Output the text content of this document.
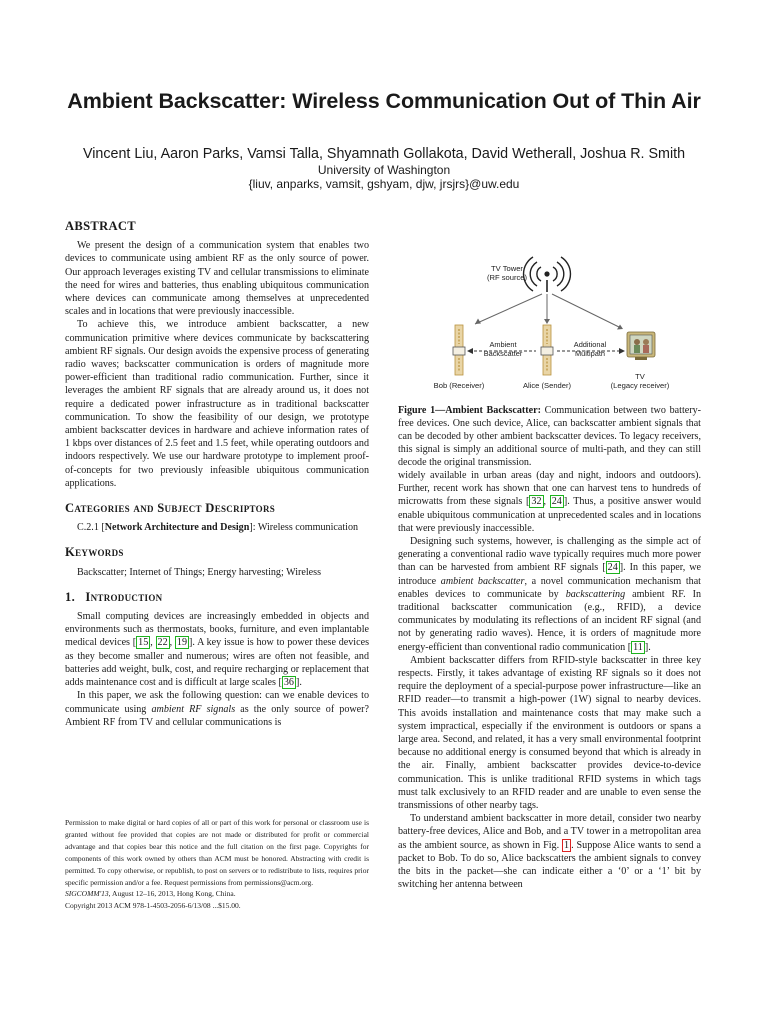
Ambient Backscatter: Wireless Communication Out of Thin Air
Vincent Liu, Aaron Parks, Vamsi Talla, Shyamnath Gollakota, David Wetherall, Joshua R. Smith
University of Washington
{liuv, anparks, vamsit, gshyam, djw, jrsjrs}@uw.edu
ABSTRACT

We present the design of a communication system that enables two devices to communicate using ambient RF as the only source of power. Our approach leverages existing TV and cellular transmissions to eliminate the need for wires and batteries, thus enabling ubiquitous communication where devices can communicate among themselves at unprecedented scales and in locations that were previously inaccessible.

To achieve this, we introduce ambient backscatter, a new communication primitive where devices communicate by backscattering ambient RF signals. Our design avoids the expensive process of generating radio waves; backscatter communication is orders of magnitude more power-efficient than traditional radio communication. Further, since it leverages the ambient RF signals that are already around us, it does not require a dedicated power infrastructure as in traditional backscatter communication. To show the feasibility of our design, we prototype ambient backscatter devices in hardware and achieve information rates of 1 kbps over distances of 2.5 feet and 1.5 feet, while operating outdoors and indoors respectively. We use our hardware prototype to implement proof-of-concepts for two previously infeasible ubiquitous communication applications.

Categories and Subject Descriptors

C.2.1 [Network Architecture and Design]: Wireless communication

Keywords

Backscatter; Internet of Things; Energy harvesting; Wireless

1. Introduction

Small computing devices are increasingly embedded in objects and environments such as thermostats, books, furniture, and even implantable medical devices [ 15 , 22 , 19 ]. A key issue is how to power these devices as they become smaller and numerous; wires are often not feasible, and batteries add weight, bulk, cost, and require recharging or replacement that adds maintenance cost and is difficult at large scales [ 36 ].

In this paper, we ask the following question: can we enable devices to communicate using ambient RF signals as the only source of power? Ambient RF from TV and cellular communications is

Permission to make digital or hard copies of all or part of this work for personal or classroom use is granted without fee provided that copies are not made or distributed for profit or commercial advantage and that copies bear this notice and the full citation on the first page. Copyrights for components of this work owned by others than ACM must be honored. Abstracting with credit is permitted. To copy otherwise, or republish, to post on servers or to redistribute to lists, requires prior specific permission and/or a fee. Request permissions from permissions@acm.org.
SIGCOMM'13, August 12–16, 2013, Hong Kong, China.
Copyright 2013 ACM 978-1-4503-2056-6/13/08 ...$15.00.
TV Tower
(RF source)
Ambient
Backscatter
Additional
Multipath
Bob (Receiver)	Alice (Sender)
TV
(Legacy receiver)
Figure 1—Ambient Backscatter: Communication between two battery-free devices. One such device, Alice, can backscatter ambient signals that can be decoded by other ambient backscatter devices. To legacy receivers, this signal is simply an additional source of multi-path, and they can still decode the original transmission.

widely available in urban areas (day and night, indoors and outdoors). Further, recent work has shown that one can harvest tens to hundreds of microwatts from these signals [ 32 , 24 ]. Thus, a positive answer would enable ubiquitous communication at unprecedented scales and in locations that were previously inaccessible.

Designing such systems, however, is challenging as the simple act of generating a conventional radio wave typically requires much more power than can be harvested from ambient RF signals [ 24 ]. In this paper, we introduce ambient backscatter, a novel communication mechanism that enables devices to communicate by backscattering ambient RF. In traditional backscatter communication (e.g., RFID), a device communicates by modulating its reflections of an incident RF signal (and not by generating radio waves). Hence, it is orders of magnitude more energy-efficient than conventional radio communication [ 11 ].

Ambient backscatter differs from RFID-style backscatter in three key respects. Firstly, it takes advantage of existing RF signals so it does not require the deployment of a special-purpose power infrastructure—like an RFID reader—to transmit a high-power (1W) signal to nearby devices. This avoids installation and maintenance costs that may make such a system impractical, especially if the environment is outdoors or spans a large area. Second, and related, it has a very small environmental footprint because no additional energy is consumed beyond that which is already in the air. Finally, ambient backscatter provides device-to-device communication. This is unlike traditional RFID systems in which tags must talk exclusively to an RFID reader and are unable to even sense the transmissions of other nearby tags.

To understand ambient backscatter in more detail, consider two nearby battery-free devices, Alice and Bob, and a TV tower in a metropolitan area as the ambient source, as shown in Fig. 1 . Suppose Alice wants to send a packet to Bob. To do so, Alice backscatters the ambient signals to convey the bits in the packet—she can indicate either a ‘0’ or a ‘1’ bit by switching her antenna between
